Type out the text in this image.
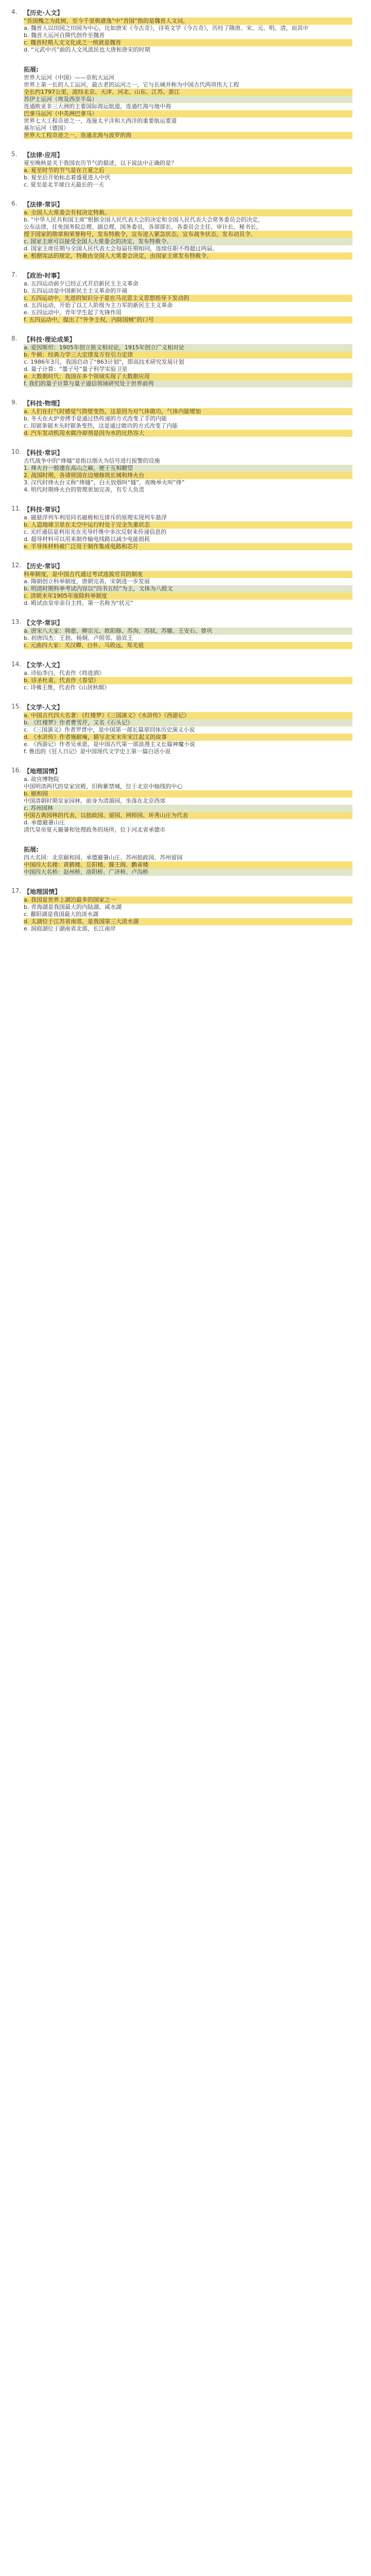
4. 【历史·人文】
“吾国槐之为此树，至今千里极遒逸”中“吾国”指的是魏晋人文词。
a. 魏晋人以田园之田园为中心，比如唐宋《今古奇》，诗英文学《今古奇》，历经了隋唐、宋、元、明、清，而其中
b. 魏晋大运河自隋代创作至魏晋
c. 魏晋时期人文文化成之一统就是魏晋
d. “元武中兴”前的人文风流民也大唐和唐宋的时期
拓展:
世界大运河（中国）——京杭大运河
世界上第一长的人工运河，最古老的运河之一，它与长城并称为中国古代两项伟大工程
全长约1797公里，流经北京、天津、河北、山东、江苏、浙江
苏伊士运河（埃及西奈半岛）
连通欧亚非三大洲的主要国际海运航道，连通红海与地中海
巴拿马运河（中美洲巴拿马）
世界七大工程奇迹之一，连接太平洋和大西洋的重要航运要道
基尔运河（德国）
世界大工程奇迹之一，连通北海与波罗的海
5. 【法律·应用】
夏至晚秋是关于我国农历节气的描述，以下说法中正确的是？
a. 夏至时节的节气是在立夏之后
b. 夏至后开始标志着盛夏进入中伏
c. 夏至是北半球白天最长的一天
6. 【法律·常识】
a. 全国人大常委会有权决定特赦。
b. “中华人民共和国主席”根据全国人民代表大会的决定和全国人民代表大会常务委员会的决定，
公布法律，任免国务院总理、副总理、国务委员，各部部长，各委员会主任，审计长、秘书长，
授予国家的勋章和荣誉称号，发布特赦令，宣布进入紧急状态，宣布战争状态，发布动员令。
c. 国家主席可以接受全国人大常委会的决定，发布特赦令。
d. 国家主席任期与全国人民代表大会每届任期相同，连续任职不得超过两届。
e. 根据宪法的规定，特赦由全国人大常委会决定，由国家主席发布特赦令。
7. 【政治·时事】
a. 五四运动前夕已经正式开启新民主主义革命
b. 五四运动是中国新民主主义革命的开端
c. 五四运动中，先进的知识分子是在马克思主义思想指导下发动的
d. 五四运动，开始了以工人阶级为主力军的新民主主义革命
e. 五四运动中，青年学生起了先锋作用
f. 五四运动中，提出了“外争主权，内除国贼”的口号
8. 【科技·理论成果】
a. 爱因斯坦：1905年创立狭义相对论，1915年创立广义相对论
b. 牛顿：经典力学三大定律及万有引力定律
c. 1986年3月，我国启动了“863计划”，即高技术研究发展计划
d. 量子计算：“墨子号”量子科学实验卫星
e. 大数据时代：我国在多个领域实现了大数据应用
f. 我们的量子计算与量子通信领域研究处于世界前列
9. 【科技·物理】
a. 人们在打气时感觉气筒壁变热，这是因为对气体做功，气体内能增加
b. 冬天在火炉旁烤手是通过热传递的方式改变了手的内能
c. 用锯条锯木头时锯条变热，这是通过做功的方式改变了内能
d. 汽车发动机用水做冷却剂是因为水的比热容大
10. 【科技·常识】
古代战争中的“烽燧”是指以烟火为信号进行报警的设施
1. 烽火台一般建在高山之巅，便于互相瞭望
2. 战国时期，各诸侯国在边境修筑长城和烽火台
3. 汉代时烽火台又称“烽燧”，白天放烟叫“燧”，夜晚举火叫“烽”
4. 明代时期烽火台的管理更加完善，有专人负责
11. 【科技·常识】
a. 磁悬浮列车利用同名磁极相互排斥的原理实现列车悬浮
b. 人造地球卫星在太空中运行时处于完全失重状态
c. 光纤通信是利用光在光导纤维中多次反射来传递信息的
d. 超导材料可以用来制作输电线路以减少电能损耗
e. 半导体材料被广泛用于制作集成电路和芯片
12. 【历史·常识】
科举制度，是中国古代通过考试选拔官员的制度
a. 隋朝创立科举制度，唐朝完善，宋朝进一步发展
b. 明清时期科举考试内容以“四书五经”为主，文体为八股文
c. 清朝末年1905年废除科举制度
d. 殿试由皇帝亲自主持，第一名称为“状元”
13. 【文学·常识】
a. 唐宋八大家：韩愈、柳宗元、欧阳修、苏洵、苏轼、苏辙、王安石、曾巩
b. 初唐四杰：王勃、杨炯、卢照邻、骆宾王
c. 元曲四大家：关汉卿、白朴、马致远、郑光祖
14. 【文学·人文】
a. 诗仙李白，代表作《将进酒》
b. 诗圣杜甫，代表作《春望》
c. 诗佛王维，代表作《山居秋暝》
15. 【文学·人文】
a. 中国古代四大名著：《红楼梦》《三国演义》《水浒传》《西游记》
b. 《红楼梦》作者曹雪芹，又名《石头记》
c. 《三国演义》作者罗贯中，是中国第一部长篇章回体历史演义小说
d. 《水浒传》作者施耐庵，描写北宋末年宋江起义的故事
e. 《西游记》作者吴承恩，是中国古代第一部浪漫主义长篇神魔小说
f. 鲁迅的《狂人日记》是中国现代文学史上第一篇白话小说
16. 【地理国情】
a. 故宫博物院
中国明清两代的皇家宫殿，旧称紫禁城，位于北京中轴线的中心
b. 颐和园
中国清朝时期皇家园林，前身为清漪园，坐落在北京西郊
c. 苏州园林
中国古典园林的代表，以拙政园、留园、网师园、环秀山庄为代表
d. 承德避暑山庄
清代皇帝夏天避暑和处理政务的场所，位于河北省承德市
拓展:
四大名园：北京颐和园、承德避暑山庄、苏州拙政园、苏州留园
中国四大名楼：黄鹤楼、岳阳楼、滕王阁、鹳雀楼
中国四大名桥：赵州桥、洛阳桥、广济桥、卢沟桥
17. 【地理国情】
a. 我国是世界上湖泊最多的国家之一
b. 青海湖是我国最大的内陆湖、咸水湖
c. 鄱阳湖是我国最大的淡水湖
d. 太湖位于江苏省南部，是我国第三大淡水湖
e. 洞庭湖位于湖南省北部，长江南岸
